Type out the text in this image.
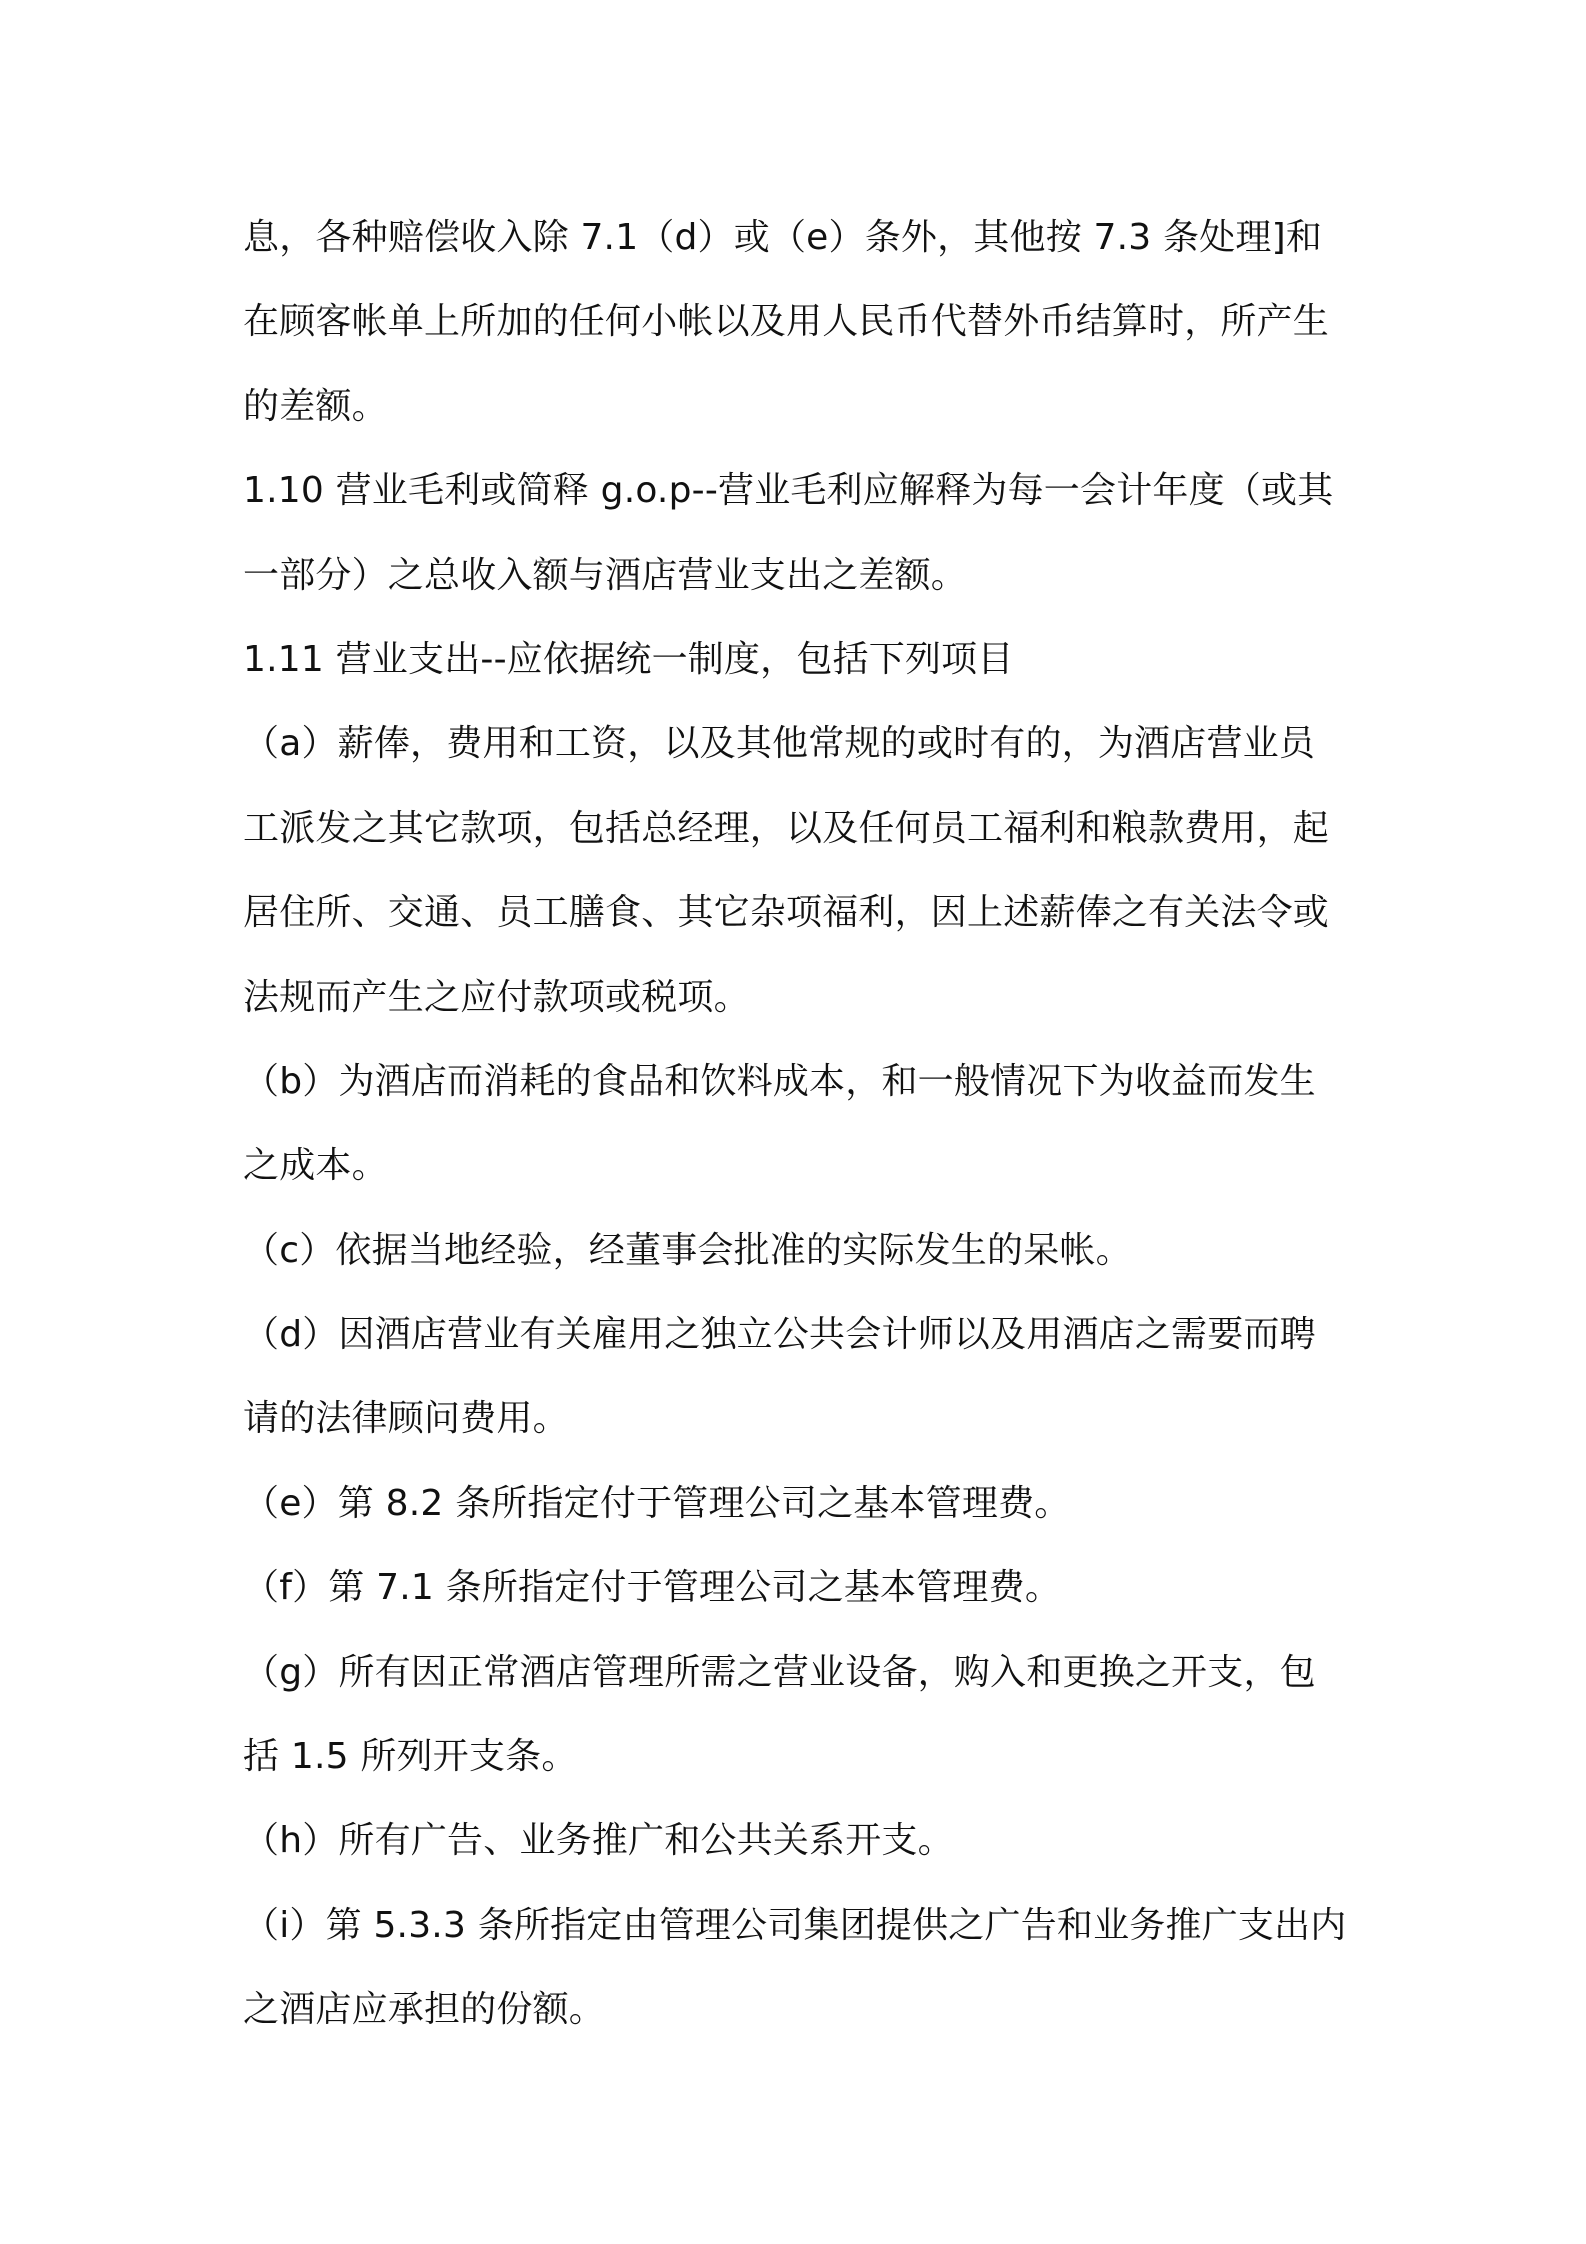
息，各种赔偿收入除 7.1（d）或（e）条外，其他按 7.3 条处理]和
在顾客帐单上所加的任何小帐以及用人民币代替外币结算时，所产生
的差额。
1.10 营业毛利或简释 g.o.p--营业毛利应解释为每一会计年度（或其
一部分）之总收入额与酒店营业支出之差额。
1.11 营业支出--应依据统一制度，包括下列项目
（a）薪俸，费用和工资，以及其他常规的或时有的，为酒店营业员
工派发之其它款项，包括总经理，以及任何员工福利和粮款费用，起
居住所、交通、员工膳食、其它杂项福利，因上述薪俸之有关法令或
法规而产生之应付款项或税项。
（b）为酒店而消耗的食品和饮料成本，和一般情况下为收益而发生
之成本。
（c）依据当地经验，经董事会批准的实际发生的呆帐。
（d）因酒店营业有关雇用之独立公共会计师以及用酒店之需要而聘
请的法律顾问费用。
（e）第 8.2 条所指定付于管理公司之基本管理费。
（f）第 7.1 条所指定付于管理公司之基本管理费。
（g）所有因正常酒店管理所需之营业设备，购入和更换之开支，包
括 1.5 所列开支条。
（h）所有广告、业务推广和公共关系开支。
（i）第 5.3.3 条所指定由管理公司集团提供之广告和业务推广支出内
之酒店应承担的份额。
